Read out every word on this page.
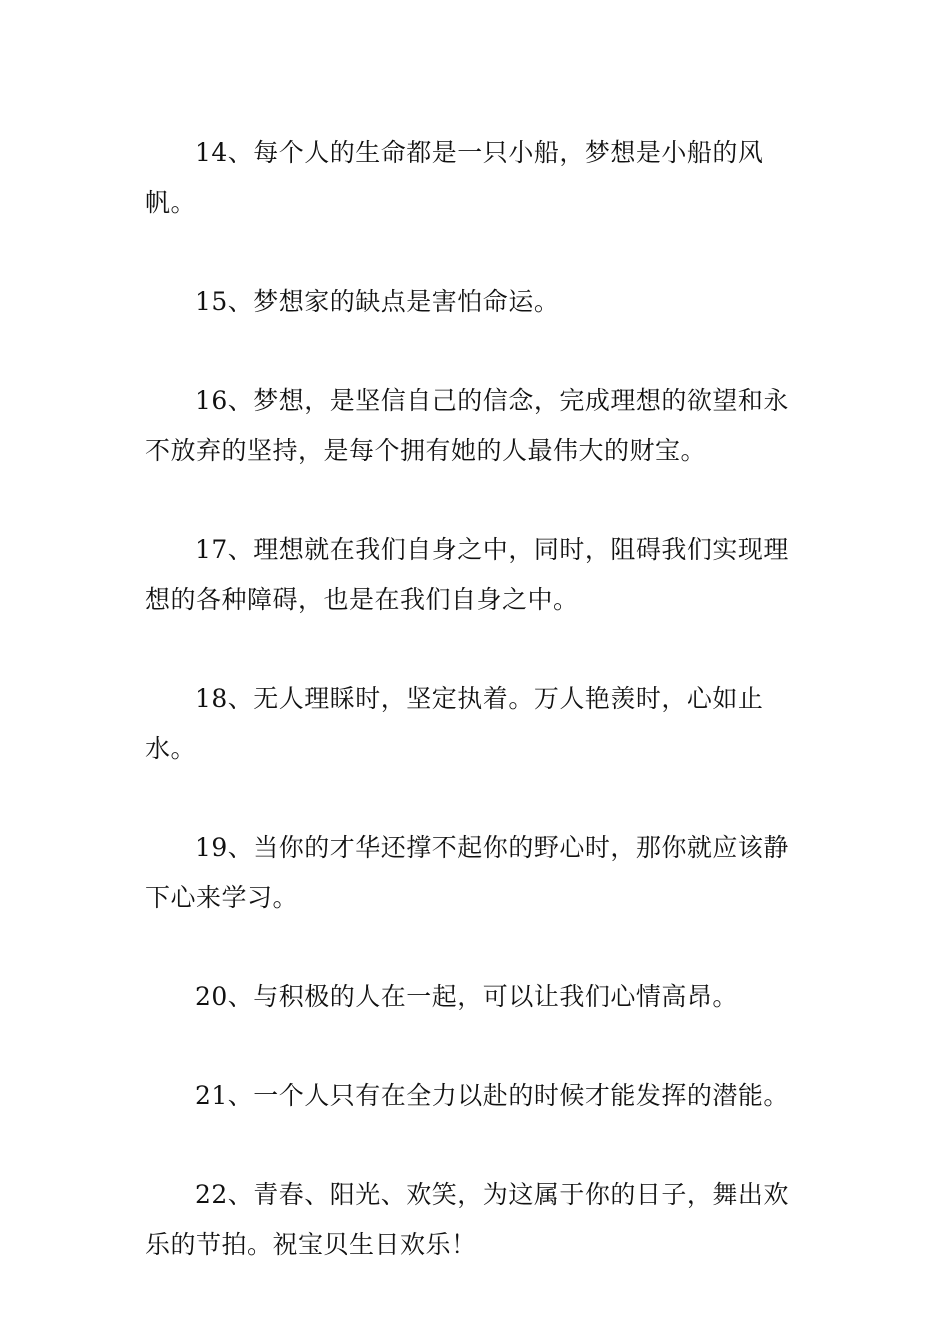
14、每个人的生命都是一只小船，梦想是小船的风帆。

15、梦想家的缺点是害怕命运。

16、梦想，是坚信自己的信念，完成理想的欲望和永不放弃的坚持，是每个拥有她的人最伟大的财宝。

17、理想就在我们自身之中，同时，阻碍我们实现理想的各种障碍，也是在我们自身之中。

18、无人理睬时，坚定执着。万人艳羡时，心如止水。

19、当你的才华还撑不起你的野心时，那你就应该静下心来学习。

20、与积极的人在一起，可以让我们心情高昂。

21、一个人只有在全力以赴的时候才能发挥的潜能。

22、青春、阳光、欢笑，为这属于你的日子，舞出欢乐的节拍。祝宝贝生日欢乐！
